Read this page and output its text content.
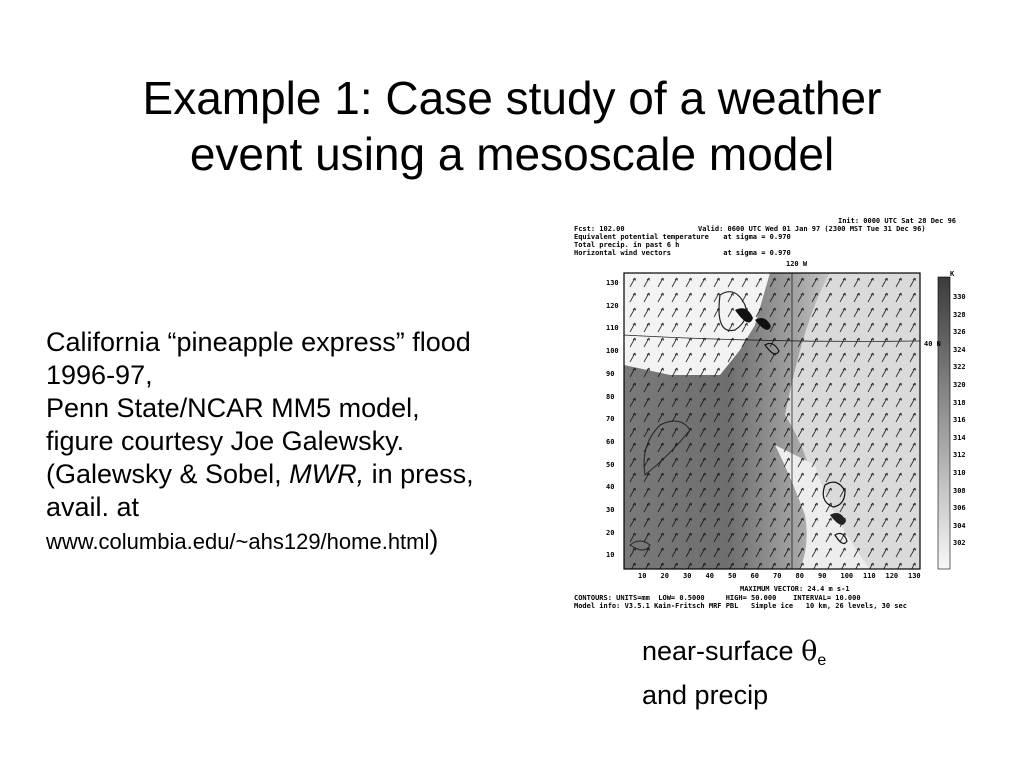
Example 1: Case study of a weather
event using a mesoscale model
California “pineapple express” flood
1996-97,
Penn State/NCAR MM5 model,
figure courtesy Joe Galewsky.
(Galewsky & Sobel, MWR, in press,
avail. at
www.columbia.edu/~ahs129/home.html)
Fcst: 102.00
Equivalent potential temperature
Total precip. in past 6 h
Horizontal wind vectors
Valid: 0600 UTC Wed 01 Jan 97 (2300 MST Tue 31 Dec 96)
at sigma = 0.970

at sigma = 0.970
Init: 0000 UTC Sat 28 Dec 96
120 W
40 N
K
130
120
110
100
90
80
70
60
50
40
30
20
10
10 20 30 40 50 60 70 80 90 100 110 120 130
330
328
326
324
322
320
318
316
314
312
310
308
306
304
302
MAXIMUM VECTOR: 24.4 m s-1
CONTOURS: UNITS=mm  LOW= 0.5000     HIGH= 50.000    INTERVAL= 10.000
Model info: V3.5.1 Kain-Fritsch MRF PBL   Simple ice   10 km, 26 levels, 30 sec
near-surface $\theta_e$
and precip
